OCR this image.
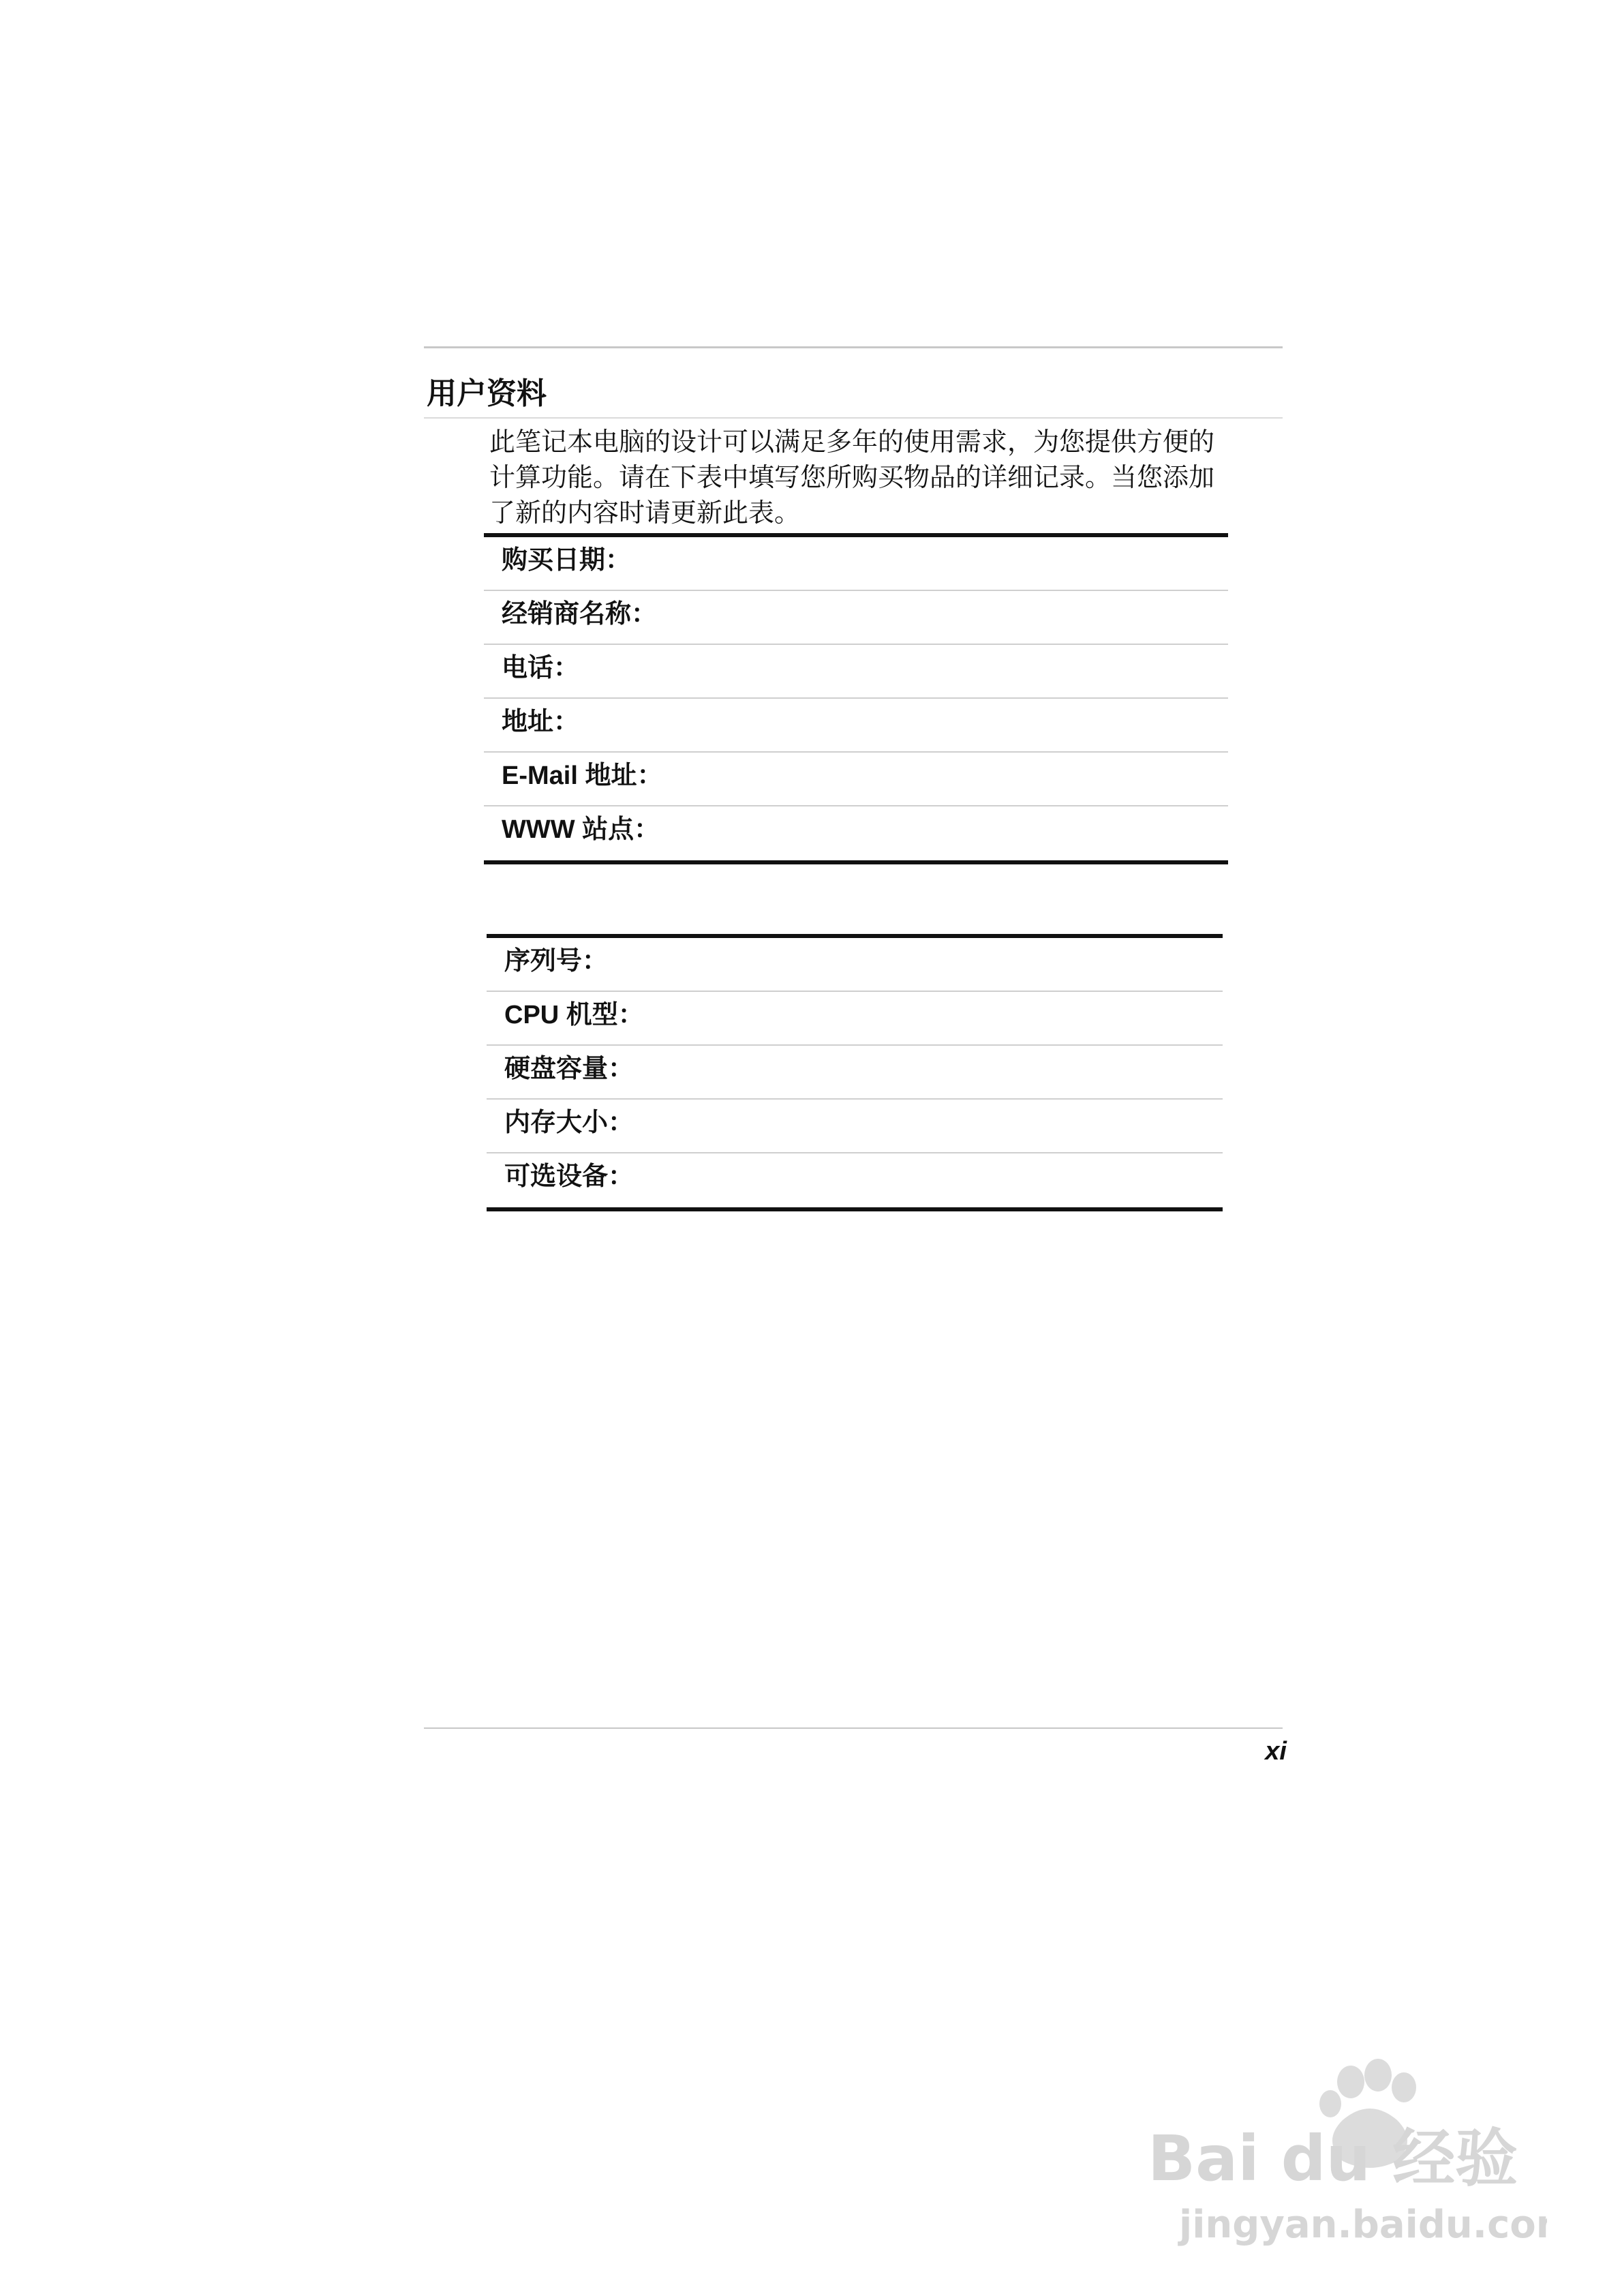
用户资料
此笔记本电脑的设计可以满足多年的使用需求，为您提供方便的
计算功能。请在下表中填写您所购买物品的详细记录。当您添加
了新的内容时请更新此表。
购买日期：
经销商名称：
电话：
地址：
E-Mail 地址：
WWW 站点：
序列号：
CPU 机型：
硬盘容量：
内存大小：
可选设备：
xi
Bai du 经验
jingyan.baidu.com
